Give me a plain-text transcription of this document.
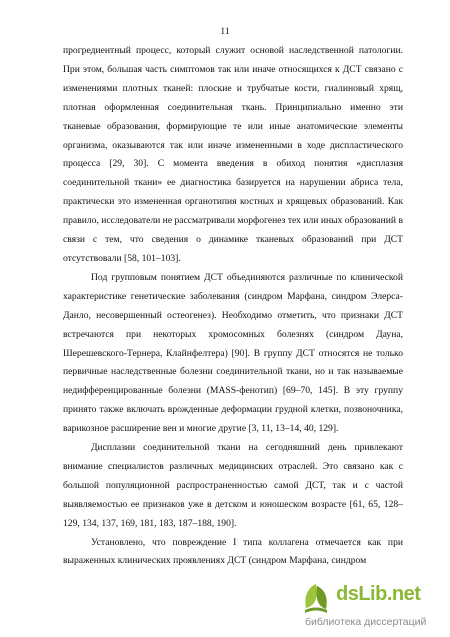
11

прогредиентный процесс, который служит основой наследственной патологии. При этом, большая часть симптомов так или иначе относящихся к ДСТ связано с изменениями плотных тканей: плоские и трубчатые кости, гиалиновый хрящ, плотная оформленная соединительная ткань. Принципиально именно эти тканевые образования, формирующие те или иные анатомические элементы организма, оказываются так или иначе измененными в ходе диспластического процесса [29, 30]. С момента введения в обиход понятия «дисплазия соединительной ткани» ее диагностика базируется на нарушении абриса тела, практически это измененная органотипия костных и хрящевых образований. Как правило, исследователи не рассматривали морфогенез тех или иных образований в связи с тем, что сведения о динамике тканевых образований при ДСТ отсутствовали [58, 101–103].

Под групповым понятием ДСТ объединяются различные по клинической характеристике генетические заболевания (синдром Марфана, синдром Элерса-Данло, несовершенный остеогенез). Необходимо отметить, что признаки ДСТ встречаются при некоторых хромосомных болезнях (синдром Дауна, Шерешевского-Тернера, Клайнфелтера) [90]. В группу ДСТ относятся не только первичные наследственные болезни соединительной ткани, но и так называемые недифференцированные болезни (MASS-фенотип) [69–70, 145]. В эту группу принято также включать врожденные деформации грудной клетки, позвоночника, варикозное расширение вен и многие другие [3, 11, 13–14, 40, 129].

Дисплазии соединительной ткани на сегодняшний день привлекают внимание специалистов различных медицинских отраслей. Это связано как с большой популяционной распространенностью самой ДСТ, так и с частой выявляемостью ее признаков уже в детском и юношеском возрасте [61, 65, 128–129, 134, 137, 169, 181, 183, 187–188, 190].

Установлено, что повреждение I типа коллагена отмечается как при выраженных клинических проявлениях ДСТ (синдром Марфана, синдром

dsLib.net
библиотека диссертаций
